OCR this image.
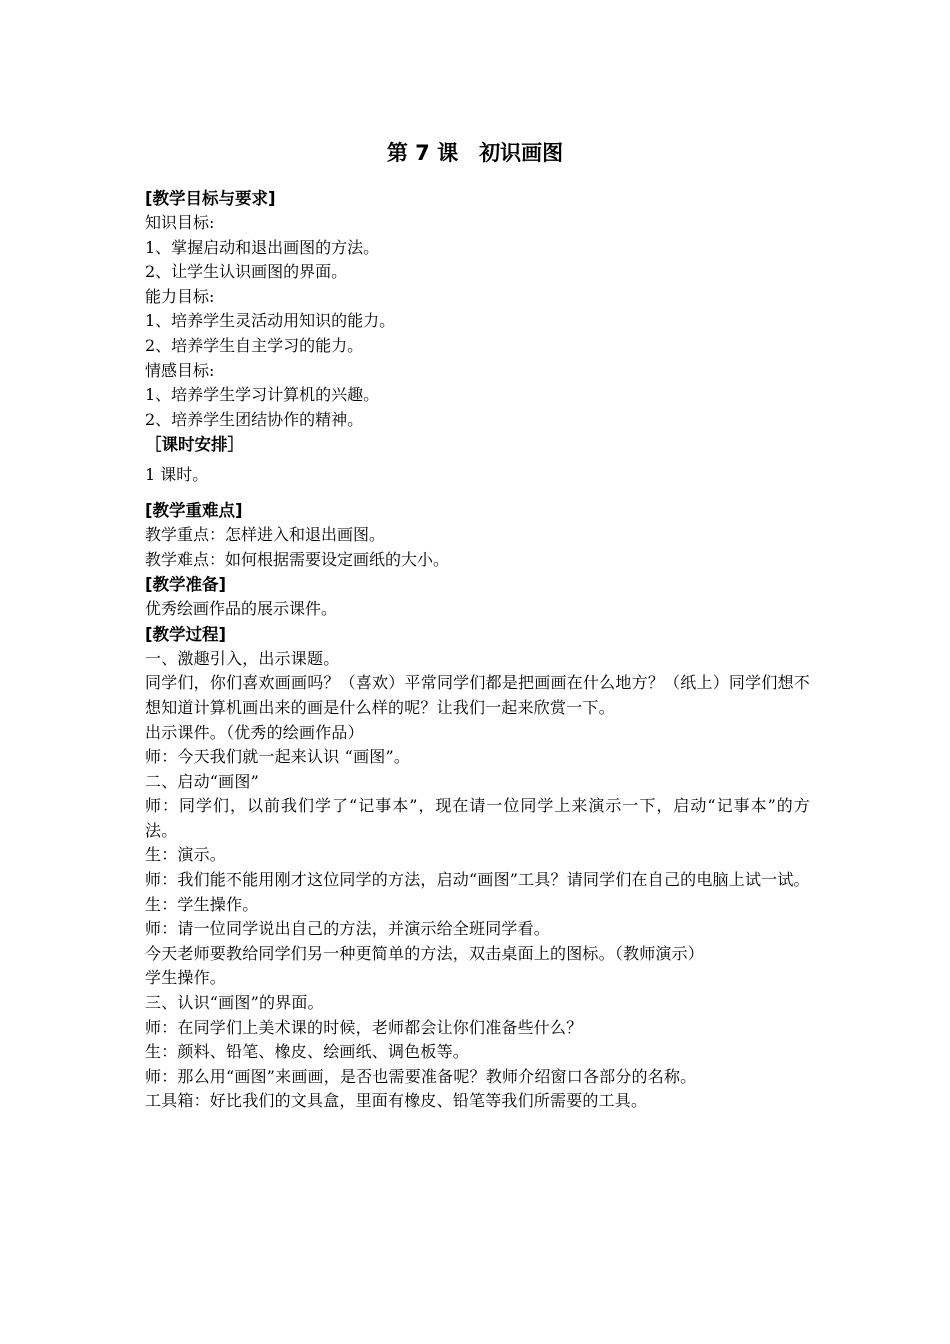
第 7 课　初识画图
[教学目标与要求]
知识目标:
1、掌握启动和退出画图的方法。
2、让学生认识画图的界面。
能力目标:
1、培养学生灵活动用知识的能力。
2、培养学生自主学习的能力。
情感目标:
1、培养学生学习计算机的兴趣。
2、培养学生团结协作的精神。
［课时安排］
1 课时。
[教学重难点]
教学重点：怎样进入和退出画图。
教学难点：如何根据需要设定画纸的大小。
[教学准备]
优秀绘画作品的展示课件。
[教学过程]
一、激趣引入，出示课题。
同学们，你们喜欢画画吗？（喜欢）平常同学们都是把画画在什么地方？（纸上）同学们想不想知道计算机画出来的画是什么样的呢？让我们一起来欣赏一下。
出示课件。（优秀的绘画作品）
师：今天我们就一起来认识 “画图”。
二、启动“画图”
师：同学们，以前我们学了“记事本”，现在请一位同学上来演示一下，启动“记事本”的方法。
生：演示。
师：我们能不能用刚才这位同学的方法，启动“画图”工具？请同学们在自己的电脑上试一试。
生：学生操作。
师：请一位同学说出自己的方法，并演示给全班同学看。
今天老师要教给同学们另一种更简单的方法，双击桌面上的图标。（教师演示）
学生操作。
三、认识“画图”的界面。
师：在同学们上美术课的时候，老师都会让你们准备些什么？
生：颜料、铅笔、橡皮、绘画纸、调色板等。
师：那么用“画图”来画画，是否也需要准备呢？教师介绍窗口各部分的名称。
工具箱：好比我们的文具盒，里面有橡皮、铅笔等我们所需要的工具。
